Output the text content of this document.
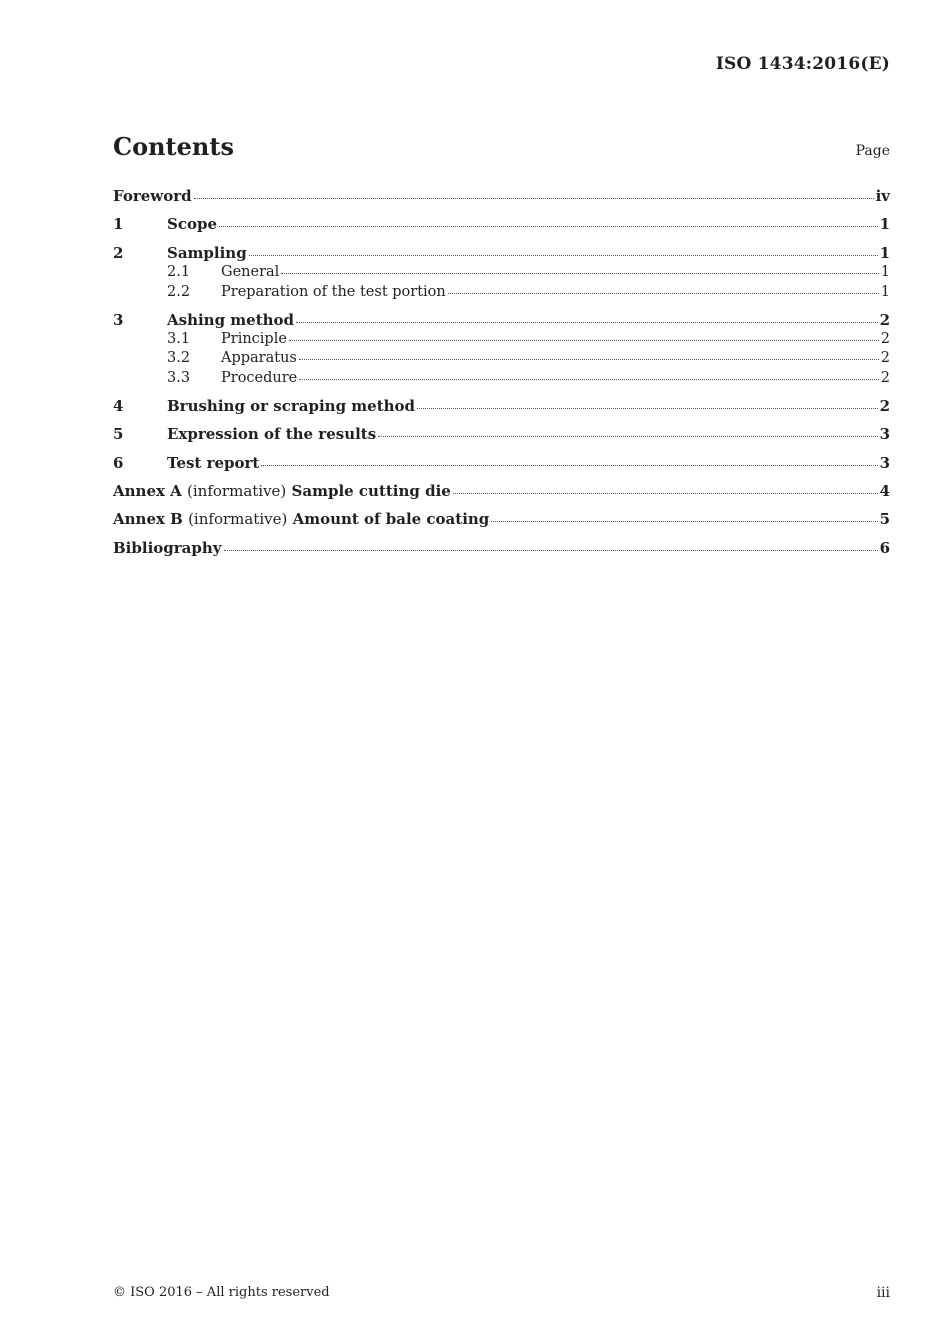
ISO 1434:2016(E)
Contents	Page
Foreword	iv
1	Scope	1
2	Sampling	1
2.1	General	1
2.2	Preparation of the test portion	1
3	Ashing method	2
3.1	Principle	2
3.2	Apparatus	2
3.3	Procedure	2
4	Brushing or scraping method	2
5	Expression of the results	3
6	Test report	3
Annex A (informative) Sample cutting die	4
Annex B (informative) Amount of bale coating	5
Bibliography	6
© ISO 2016 – All rights reserved	iii
